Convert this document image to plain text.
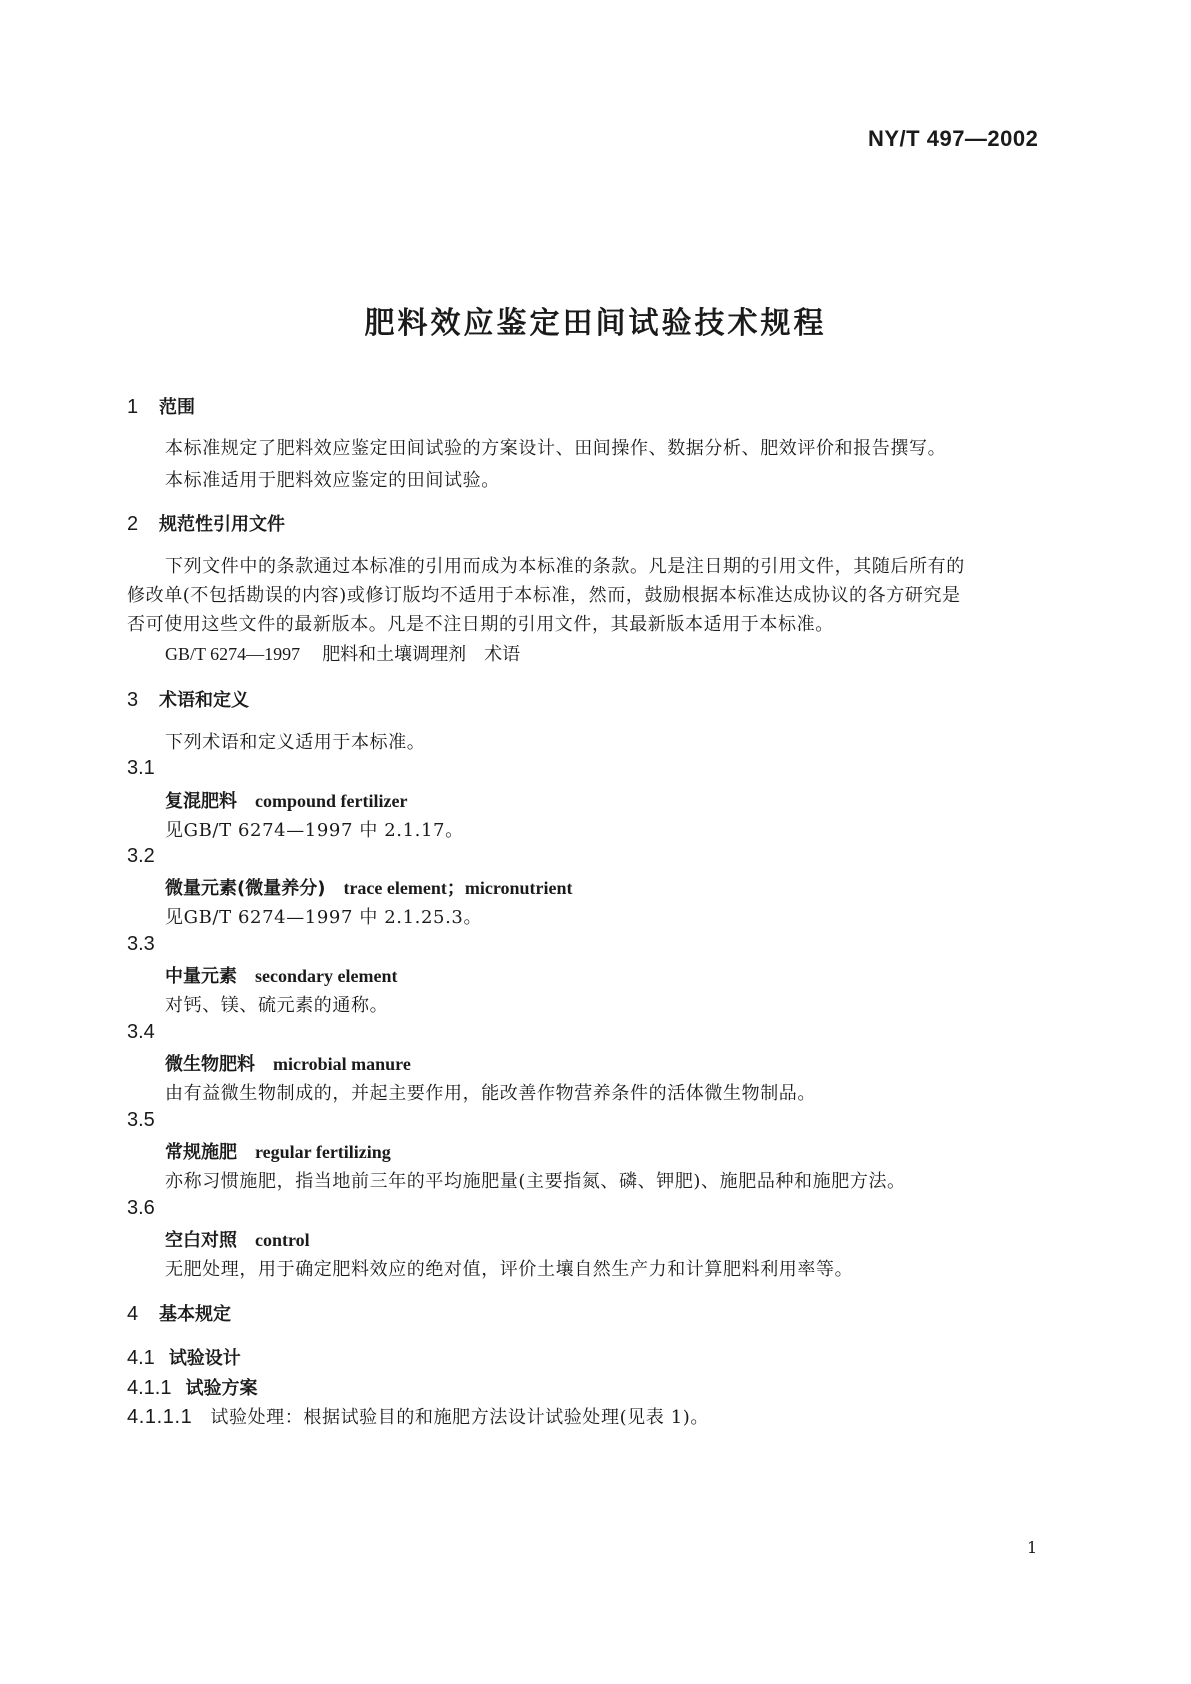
NY/T 497—2002
肥料效应鉴定田间试验技术规程
1 范围
本标准规定了肥料效应鉴定田间试验的方案设计、田间操作、数据分析、肥效评价和报告撰写。
本标准适用于肥料效应鉴定的田间试验。
2 规范性引用文件
下列文件中的条款通过本标准的引用而成为本标准的条款。凡是注日期的引用文件，其随后所有的
修改单(不包括勘误的内容)或修订版均不适用于本标准，然而，鼓励根据本标准达成协议的各方研究是
否可使用这些文件的最新版本。凡是不注日期的引用文件，其最新版本适用于本标准。
GB/T 6274—1997 肥料和土壤调理剂　术语
3 术语和定义
下列术语和定义适用于本标准。
3.1
复混肥料 compound fertilizer
见GB/T 6274—1997 中 2.1.17。
3.2
微量元素(微量养分) trace element；micronutrient
见GB/T 6274—1997 中 2.1.25.3。
3.3
中量元素 secondary element
对钙、镁、硫元素的通称。
3.4
微生物肥料 microbial manure
由有益微生物制成的，并起主要作用，能改善作物营养条件的活体微生物制品。
3.5
常规施肥 regular fertilizing
亦称习惯施肥，指当地前三年的平均施肥量(主要指氮、磷、钾肥)、施肥品种和施肥方法。
3.6
空白对照 control
无肥处理，用于确定肥料效应的绝对值，评价土壤自然生产力和计算肥料利用率等。
4 基本规定
4.1 试验设计
4.1.1 试验方案
4.1.1.1 试验处理：根据试验目的和施肥方法设计试验处理(见表 1)。
1
